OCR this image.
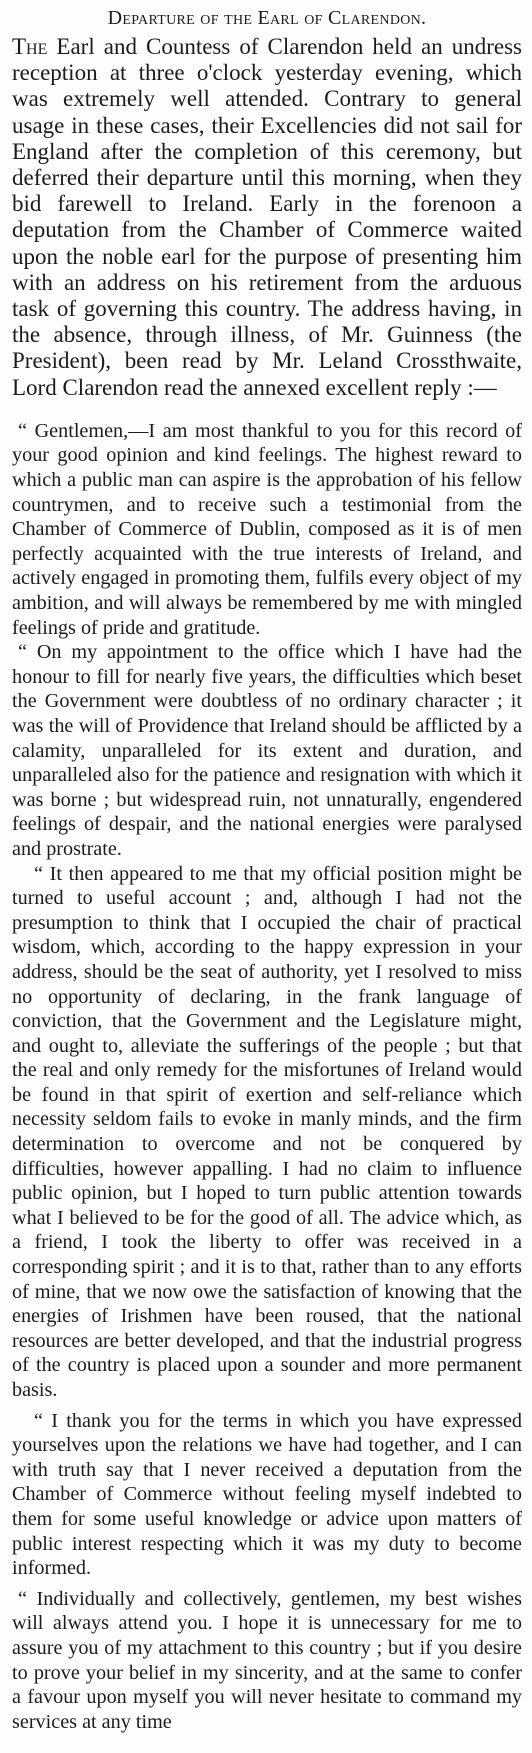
Departure of the Earl of Clarendon.

The Earl and Countess of Clarendon held an undress reception at three o'clock yesterday evening, which was extremely well attended. Contrary to general usage in these cases, their Excellencies did not sail for England after the completion of this ceremony, but deferred their departure until this morning, when they bid farewell to Ireland. Early in the forenoon a deputation from the Chamber of Commerce waited upon the noble earl for the purpose of presenting him with an address on his retirement from the arduous task of governing this country. The address having, in the absence, through illness, of Mr. Guinness (the President), been read by Mr. Leland Crossthwaite, Lord Clarendon read the annexed excellent reply :—

“ Gentlemen,—I am most thankful to you for this record of your good opinion and kind feelings. The highest reward to which a public man can aspire is the approbation of his fellow countrymen, and to receive such a testimonial from the Chamber of Commerce of Dublin, composed as it is of men perfectly acquainted with the true interests of Ireland, and actively engaged in promoting them, fulfils every object of my ambition, and will always be remembered by me with mingled feelings of pride and gratitude.

“ On my appointment to the office which I have had the honour to fill for nearly five years, the difficulties which beset the Government were doubtless of no ordinary character ; it was the will of Providence that Ireland should be afflicted by a calamity, unparalleled for its extent and duration, and unparalleled also for the patience and resignation with which it was borne ; but widespread ruin, not unnaturally, engendered feelings of despair, and the national energies were paralysed and prostrate.

“ It then appeared to me that my official position might be turned to useful account ; and, although I had not the presumption to think that I occupied the chair of practical wisdom, which, according to the happy expression in your address, should be the seat of authority, yet I resolved to miss no opportunity of declaring, in the frank language of conviction, that the Government and the Legislature might, and ought to, alleviate the sufferings of the people ; but that the real and only remedy for the misfortunes of Ireland would be found in that spirit of exertion and self-reliance which necessity seldom fails to evoke in manly minds, and the firm determination to overcome and not be conquered by difficulties, however appalling. I had no claim to influence public opinion, but I hoped to turn public attention towards what I believed to be for the good of all. The advice which, as a friend, I took the liberty to offer was received in a corresponding spirit ; and it is to that, rather than to any efforts of mine, that we now owe the satisfaction of knowing that the energies of Irishmen have been roused, that the national resources are better developed, and that the industrial progress of the country is placed upon a sounder and more permanent basis.

“ I thank you for the terms in which you have expressed yourselves upon the relations we have had together, and I can with truth say that I never received a deputation from the Chamber of Commerce without feeling myself indebted to them for some useful knowledge or advice upon matters of public interest respecting which it was my duty to become informed.

“ Individually and collectively, gentlemen, my best wishes will always attend you. I hope it is unnecessary for me to assure you of my attachment to this country ; but if you desire to prove your belief in my sincerity, and at the same to confer a favour upon myself you will never hesitate to command my services at any time
